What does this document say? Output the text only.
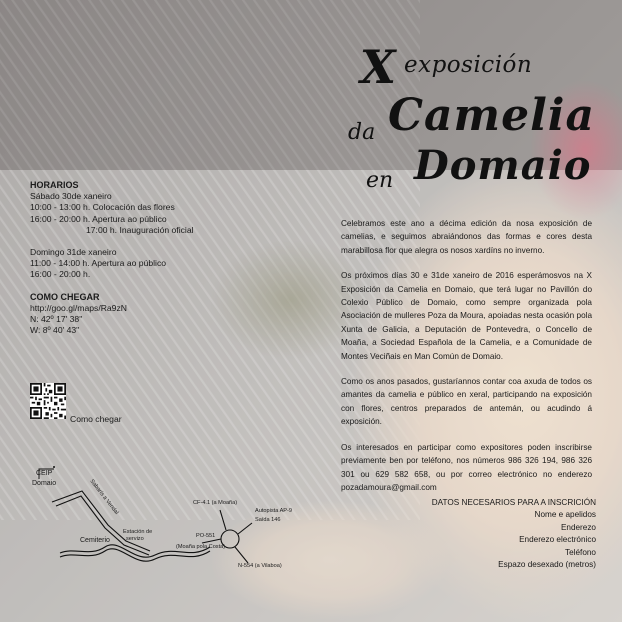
X exposición
da Camelia
en Domaio
HORARIOS
Sábado 30de xaneiro
10:00 - 13:00 h. Colocación das flores
16:00 - 20:00 h. Apertura ao público
17:00 h. Inauguración oficial
Domingo 31de xaneiro
11:00 - 14:00 h. Apertura ao público
16:00 - 20:00 h.
COMO CHEGAR
http://goo.gl/maps/Ra9zN
N: 42º 17' 38"
W: 8º 40' 43"
Como chegar
CEIP
Domaio	Sabarís a Vendal
Cemiterio
Estación de
servizo
CF-4.1 (a Moaña)
Autopista AP-9
Saída 146
PO-551
(Moaña pola Costa)
N-554 (a Vilaboa)

Celebramos este ano a décima edición da nosa exposición de camelias, e seguimos abraiándonos das formas e cores desta marabillosa flor que alegra os nosos xardíns no inverno.

Os próximos días 30 e 31de xaneiro de 2016 esperámosvos na X Exposición da Camelia en Domaio, que terá lugar no Pavillón do Colexio Público de Domaio, como sempre organizada pola Asociación de mulleres Poza da Moura, apoiadas nesta ocasión pola Xunta de Galicia, a Deputación de Pontevedra, o Concello de Moaña, a Sociedad Española de la Camelia, e a Comunidade de Montes Veciñais en Man Común de Domaio.

Como os anos pasados, gustaríannos contar coa axuda de todos os amantes da camelia e público en xeral, participando na exposición con flores, centros preparados de antemán, ou acudindo á exposición.

Os interesados en participar como expositores poden inscribirse previamente ben por teléfono, nos números 986 326 194, 986 326 301 ou 629 582 658, ou por correo electrónico no enderezo pozadamoura@gmail.com

DATOS NECESARIOS PARA A INSCRICIÓN
Nome e apelidos
Enderezo
Enderezo electrónico
Teléfono
Espazo desexado (metros)
